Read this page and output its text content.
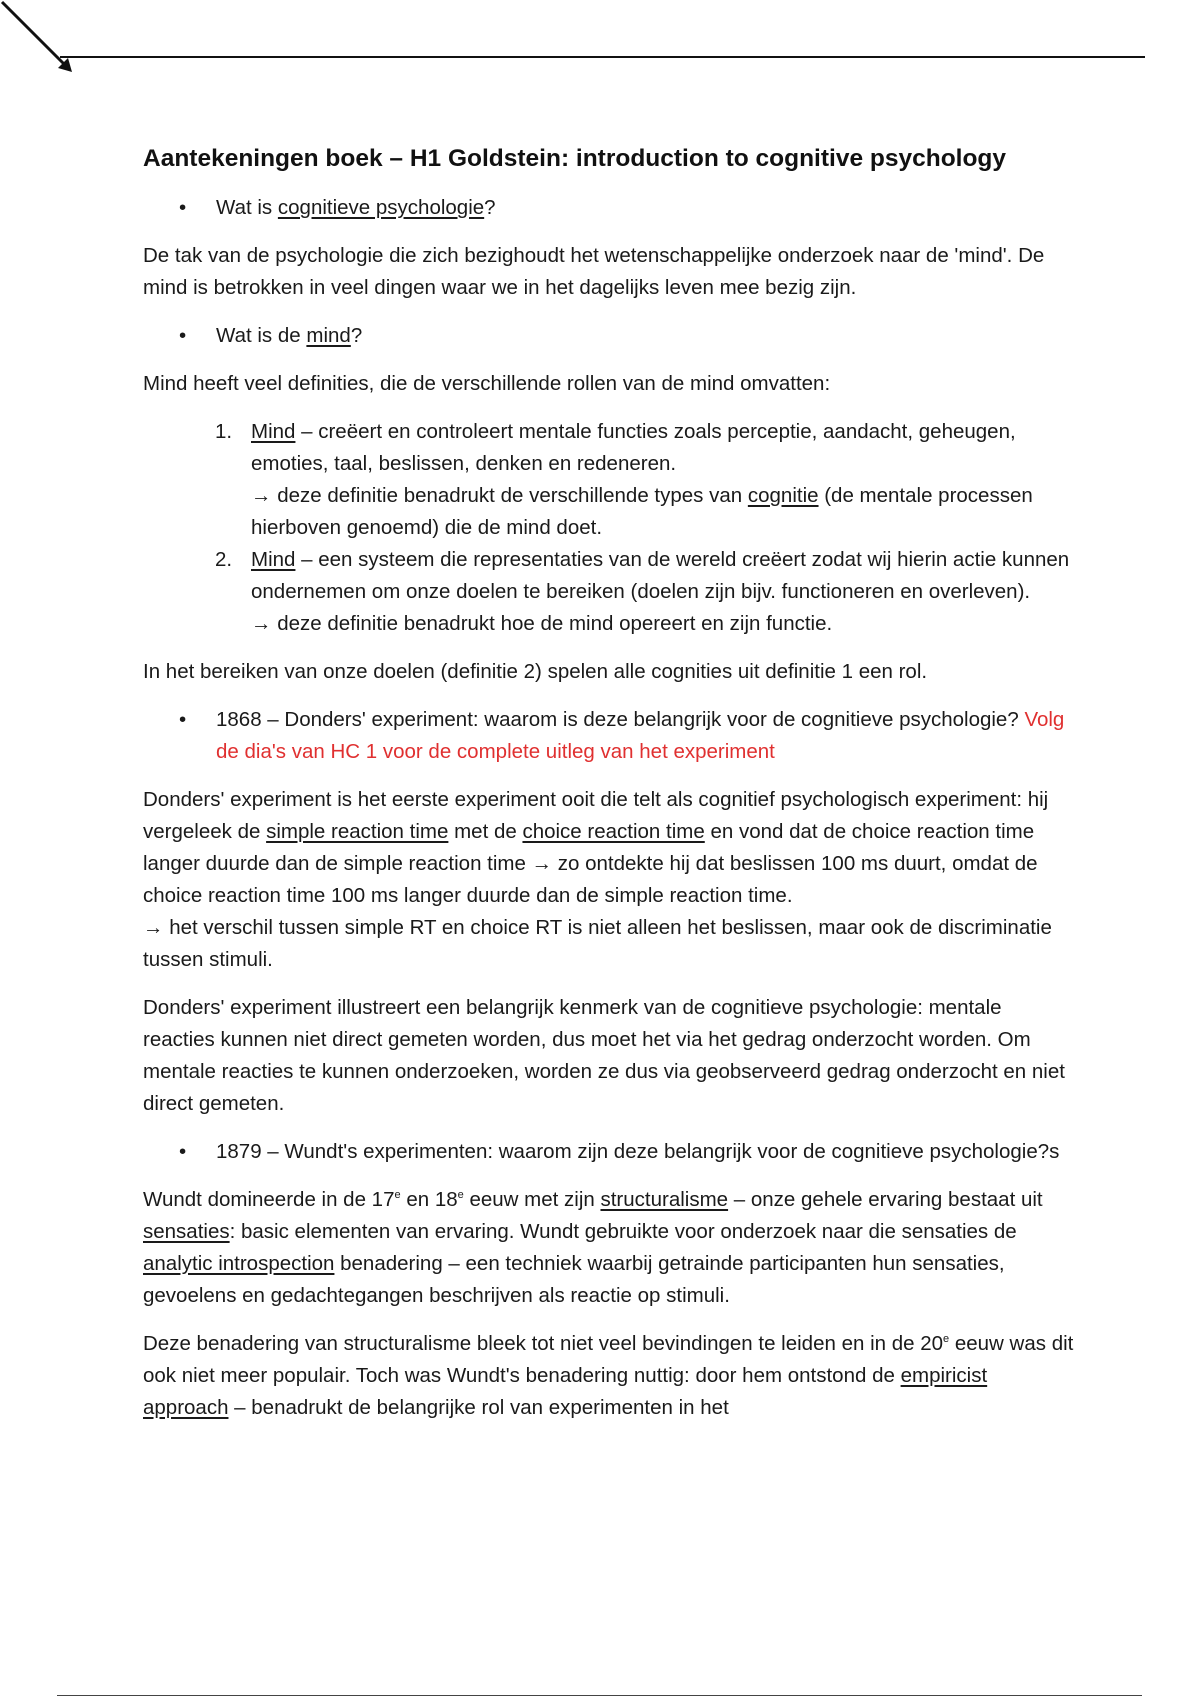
Aantekeningen boek – H1 Goldstein: introduction to cognitive psychology
• Wat is cognitieve psychologie?

De tak van de psychologie die zich bezighoudt het wetenschappelijke onderzoek naar de 'mind'. De mind is betrokken in veel dingen waar we in het dagelijks leven mee bezig zijn.

• Wat is de mind?

Mind heeft veel definities, die de verschillende rollen van de mind omvatten:

1. Mind – creëert en controleert mentale functies zoals perceptie, aandacht, geheugen, emoties, taal, beslissen, denken en redeneren.
→ deze definitie benadrukt de verschillende types van cognitie (de mentale processen hierboven genoemd) die de mind doet.
2. Mind – een systeem die representaties van de wereld creëert zodat wij hierin actie kunnen ondernemen om onze doelen te bereiken (doelen zijn bijv. functioneren en overleven).
→ deze definitie benadrukt hoe de mind opereert en zijn functie.

In het bereiken van onze doelen (definitie 2) spelen alle cognities uit definitie 1 een rol.

• 1868 – Donders' experiment: waarom is deze belangrijk voor de cognitieve psychologie? Volg de dia's van HC 1 voor de complete uitleg van het experiment

Donders' experiment is het eerste experiment ooit die telt als cognitief psychologisch experiment: hij vergeleek de simple reaction time met de choice reaction time en vond dat de choice reaction time langer duurde dan de simple reaction time → zo ontdekte hij dat beslissen 100 ms duurt, omdat de choice reaction time 100 ms langer duurde dan de simple reaction time.
→ het verschil tussen simple RT en choice RT is niet alleen het beslissen, maar ook de discriminatie tussen stimuli.

Donders' experiment illustreert een belangrijk kenmerk van de cognitieve psychologie: mentale reacties kunnen niet direct gemeten worden, dus moet het via het gedrag onderzocht worden. Om mentale reacties te kunnen onderzoeken, worden ze dus via geobserveerd gedrag onderzocht en niet direct gemeten.

• 1879 – Wundt's experimenten: waarom zijn deze belangrijk voor de cognitieve psychologie?s

Wundt domineerde in de 17e en 18e eeuw met zijn structuralisme – onze gehele ervaring bestaat uit sensaties: basic elementen van ervaring. Wundt gebruikte voor onderzoek naar die sensaties de analytic introspection benadering – een techniek waarbij getrainde participanten hun sensaties, gevoelens en gedachtegangen beschrijven als reactie op stimuli.

Deze benadering van structuralisme bleek tot niet veel bevindingen te leiden en in de 20e eeuw was dit ook niet meer populair. Toch was Wundt's benadering nuttig: door hem ontstond de empiricist approach – benadrukt de belangrijke rol van experimenten in het
